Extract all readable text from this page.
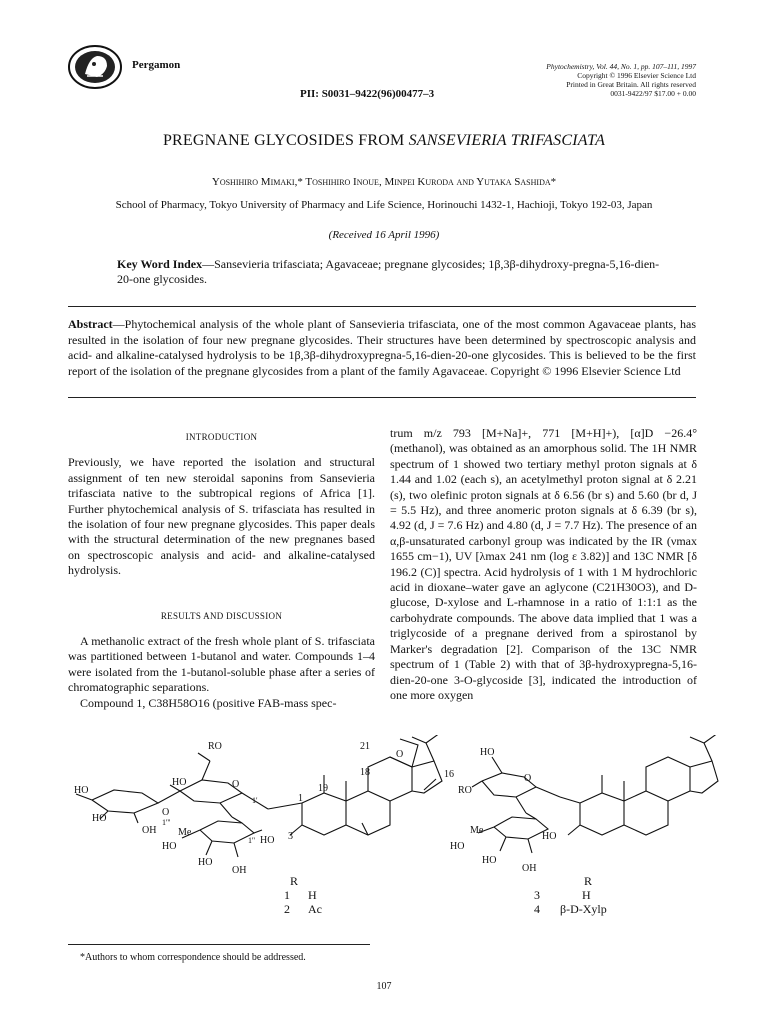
Pergamon	Phytochemistry, Vol. 44, No. 1, pp. 107–111, 1997
Copyright © 1996 Elsevier Science Ltd
Printed in Great Britain. All rights reserved
0031-9422/97 $17.00 + 0.00
PII: S0031–9422(96)00477–3
PREGNANE GLYCOSIDES FROM SANSEVIERIA TRIFASCIATA
Yoshihiro Mimaki,* Toshihiro Inoue, Minpei Kuroda and Yutaka Sashida*
School of Pharmacy, Tokyo University of Pharmacy and Life Science, Horinouchi 1432-1, Hachioji, Tokyo 192-03, Japan
(Received 16 April 1996)
Key Word Index—Sansevieria trifasciata; Agavaceae; pregnane glycosides; 1β,3β-dihydroxy-pregna-5,16-dien-20-one glycosides.
Abstract—Phytochemical analysis of the whole plant of Sansevieria trifasciata, one of the most common Agavaceae plants, has resulted in the isolation of four new pregnane glycosides. Their structures have been determined by spectroscopic analysis and acid- and alkaline-catalysed hydrolysis to be 1β,3β-dihydroxypregna-5,16-dien-20-one glycosides. This is believed to be the first report of the isolation of the pregnane glycosides from a plant of the family Agavaceae. Copyright © 1996 Elsevier Science Ltd
INTRODUCTION

Previously, we have reported the isolation and structural assignment of ten new steroidal saponins from Sansevieria trifasciata native to the subtropical regions of Africa [1]. Further phytochemical analysis of S. trifasciata has resulted in the isolation of four new pregnane glycosides. This paper deals with the structural determination of the new pregnanes based on spectroscopic analysis and acid- and alkaline-catalysed hydrolysis.

RESULTS AND DISCUSSION

A methanolic extract of the fresh whole plant of S. trifasciata was partitioned between 1-butanol and water. Compounds 1–4 were isolated from the 1-butanol-soluble phase after a series of chromatographic separations.

Compound 1, C38H58O16 (positive FAB-mass spec-

trum m/z 793 [M+Na]+, 771 [M+H]+), [α]D −26.4° (methanol), was obtained as an amorphous solid. The 1H NMR spectrum of 1 showed two tertiary methyl proton signals at δ 1.44 and 1.02 (each s), an acetylmethyl proton signal at δ 2.21 (s), two olefinic proton signals at δ 6.56 (br s) and 5.60 (br d, J = 5.5 Hz), and three anomeric proton signals at δ 6.39 (br s), 4.92 (d, J = 7.6 Hz) and 4.80 (d, J = 7.7 Hz). The presence of an α,β-unsaturated carbonyl group was indicated by the IR (νmax 1655 cm−1), UV [λmax 241 nm (log ε 3.82)] and 13C NMR [δ 196.2 (C)] spectra. Acid hydrolysis of 1 with 1 M hydrochloric acid in dioxane–water gave an aglycone (C21H30O3), and D-glucose, D-xylose and L-rhamnose in a ratio of 1:1:1 as the carbohydrate compounds. The above data implied that 1 was a triglycoside of a pregnane derived from a spirostanol by Marker's degradation [2]. Comparison of the 13C NMR spectrum of 1 (Table 2) with that of 3β-hydroxypregna-5,16-dien-20-one 3-O-glycoside [3], indicated the introduction of one more oxygen

RO
HO
HO
HO
O
O
OH
1'''
1'
Me
HO
HO
OH
1'' HO 3
1
19
18
21
O
16
R
1 H
2 Ac
HO
RO
O
Me
HO
HO
OH
HO
R
3	H
4 β-D-Xylp
*Authors to whom correspondence should be addressed.
107
